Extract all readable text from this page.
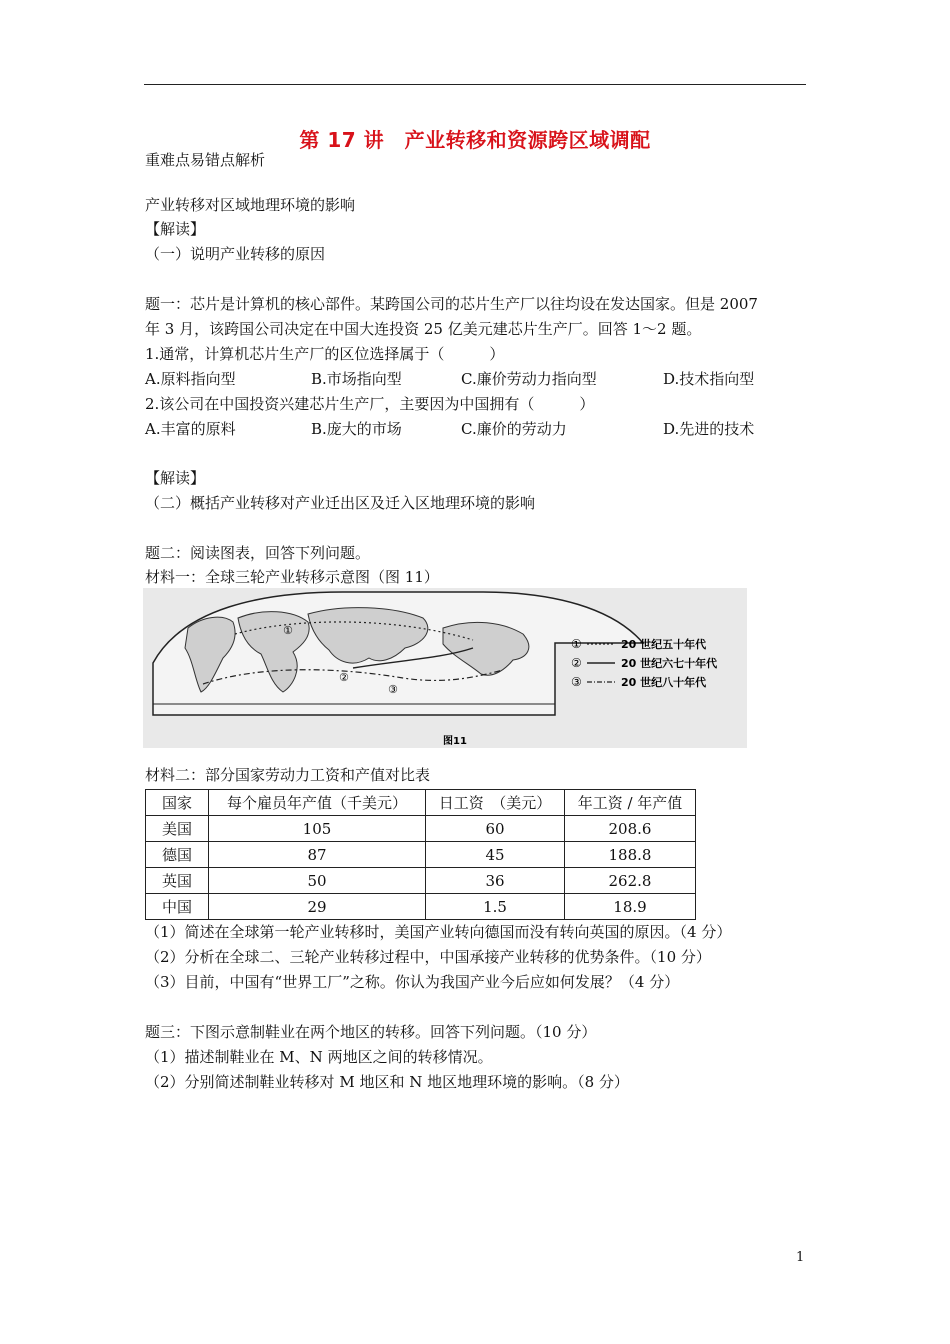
第 17 讲　产业转移和资源跨区域调配
重难点易错点解析
产业转移对区域地理环境的影响
【解读】
（一）说明产业转移的原因
题一：芯片是计算机的核心部件。某跨国公司的芯片生产厂以往均设在发达国家。但是 2007
年 3 月，该跨国公司决定在中国大连投资 25 亿美元建芯片生产厂。回答 1～2 题。
1.通常，计算机芯片生产厂的区位选择属于（　　　）
A.原料指向型	B.市场指向型	C.廉价劳动力指向型	D.技术指向型
2.该公司在中国投资兴建芯片生产厂，主要因为中国拥有（　　　）
A.丰富的原料	B.庞大的市场	C.廉价的劳动力	D.先进的技术
【解读】
（二）概括产业转移对产业迁出区及迁入区地理环境的影响
题二：阅读图表，回答下列问题。
材料一：全球三轮产业转移示意图（图 11）
①
②
③
①	20 世纪五十年代
②	20 世纪六七十年代
③	20 世纪八十年代
图11
材料二：部分国家劳动力工资和产值对比表
国家	每个雇员年产值（千美元）	日工资　（美元）	年工资 / 年产值
美国	105	60	208.6
德国	87	45	188.8
英国	50	36	262.8
中国	29	1.5	18.9
（1）简述在全球第一轮产业转移时，美国产业转向德国而没有转向英国的原因。（4 分）
（2）分析在全球二、三轮产业转移过程中，中国承接产业转移的优势条件。（10 分）
（3）目前，中国有“世界工厂”之称。你认为我国产业今后应如何发展？（4 分）
题三：下图示意制鞋业在两个地区的转移。回答下列问题。（10 分）
（1）描述制鞋业在 M、N 两地区之间的转移情况。
（2）分别简述制鞋业转移对 M 地区和 N 地区地理环境的影响。（8 分）
1
